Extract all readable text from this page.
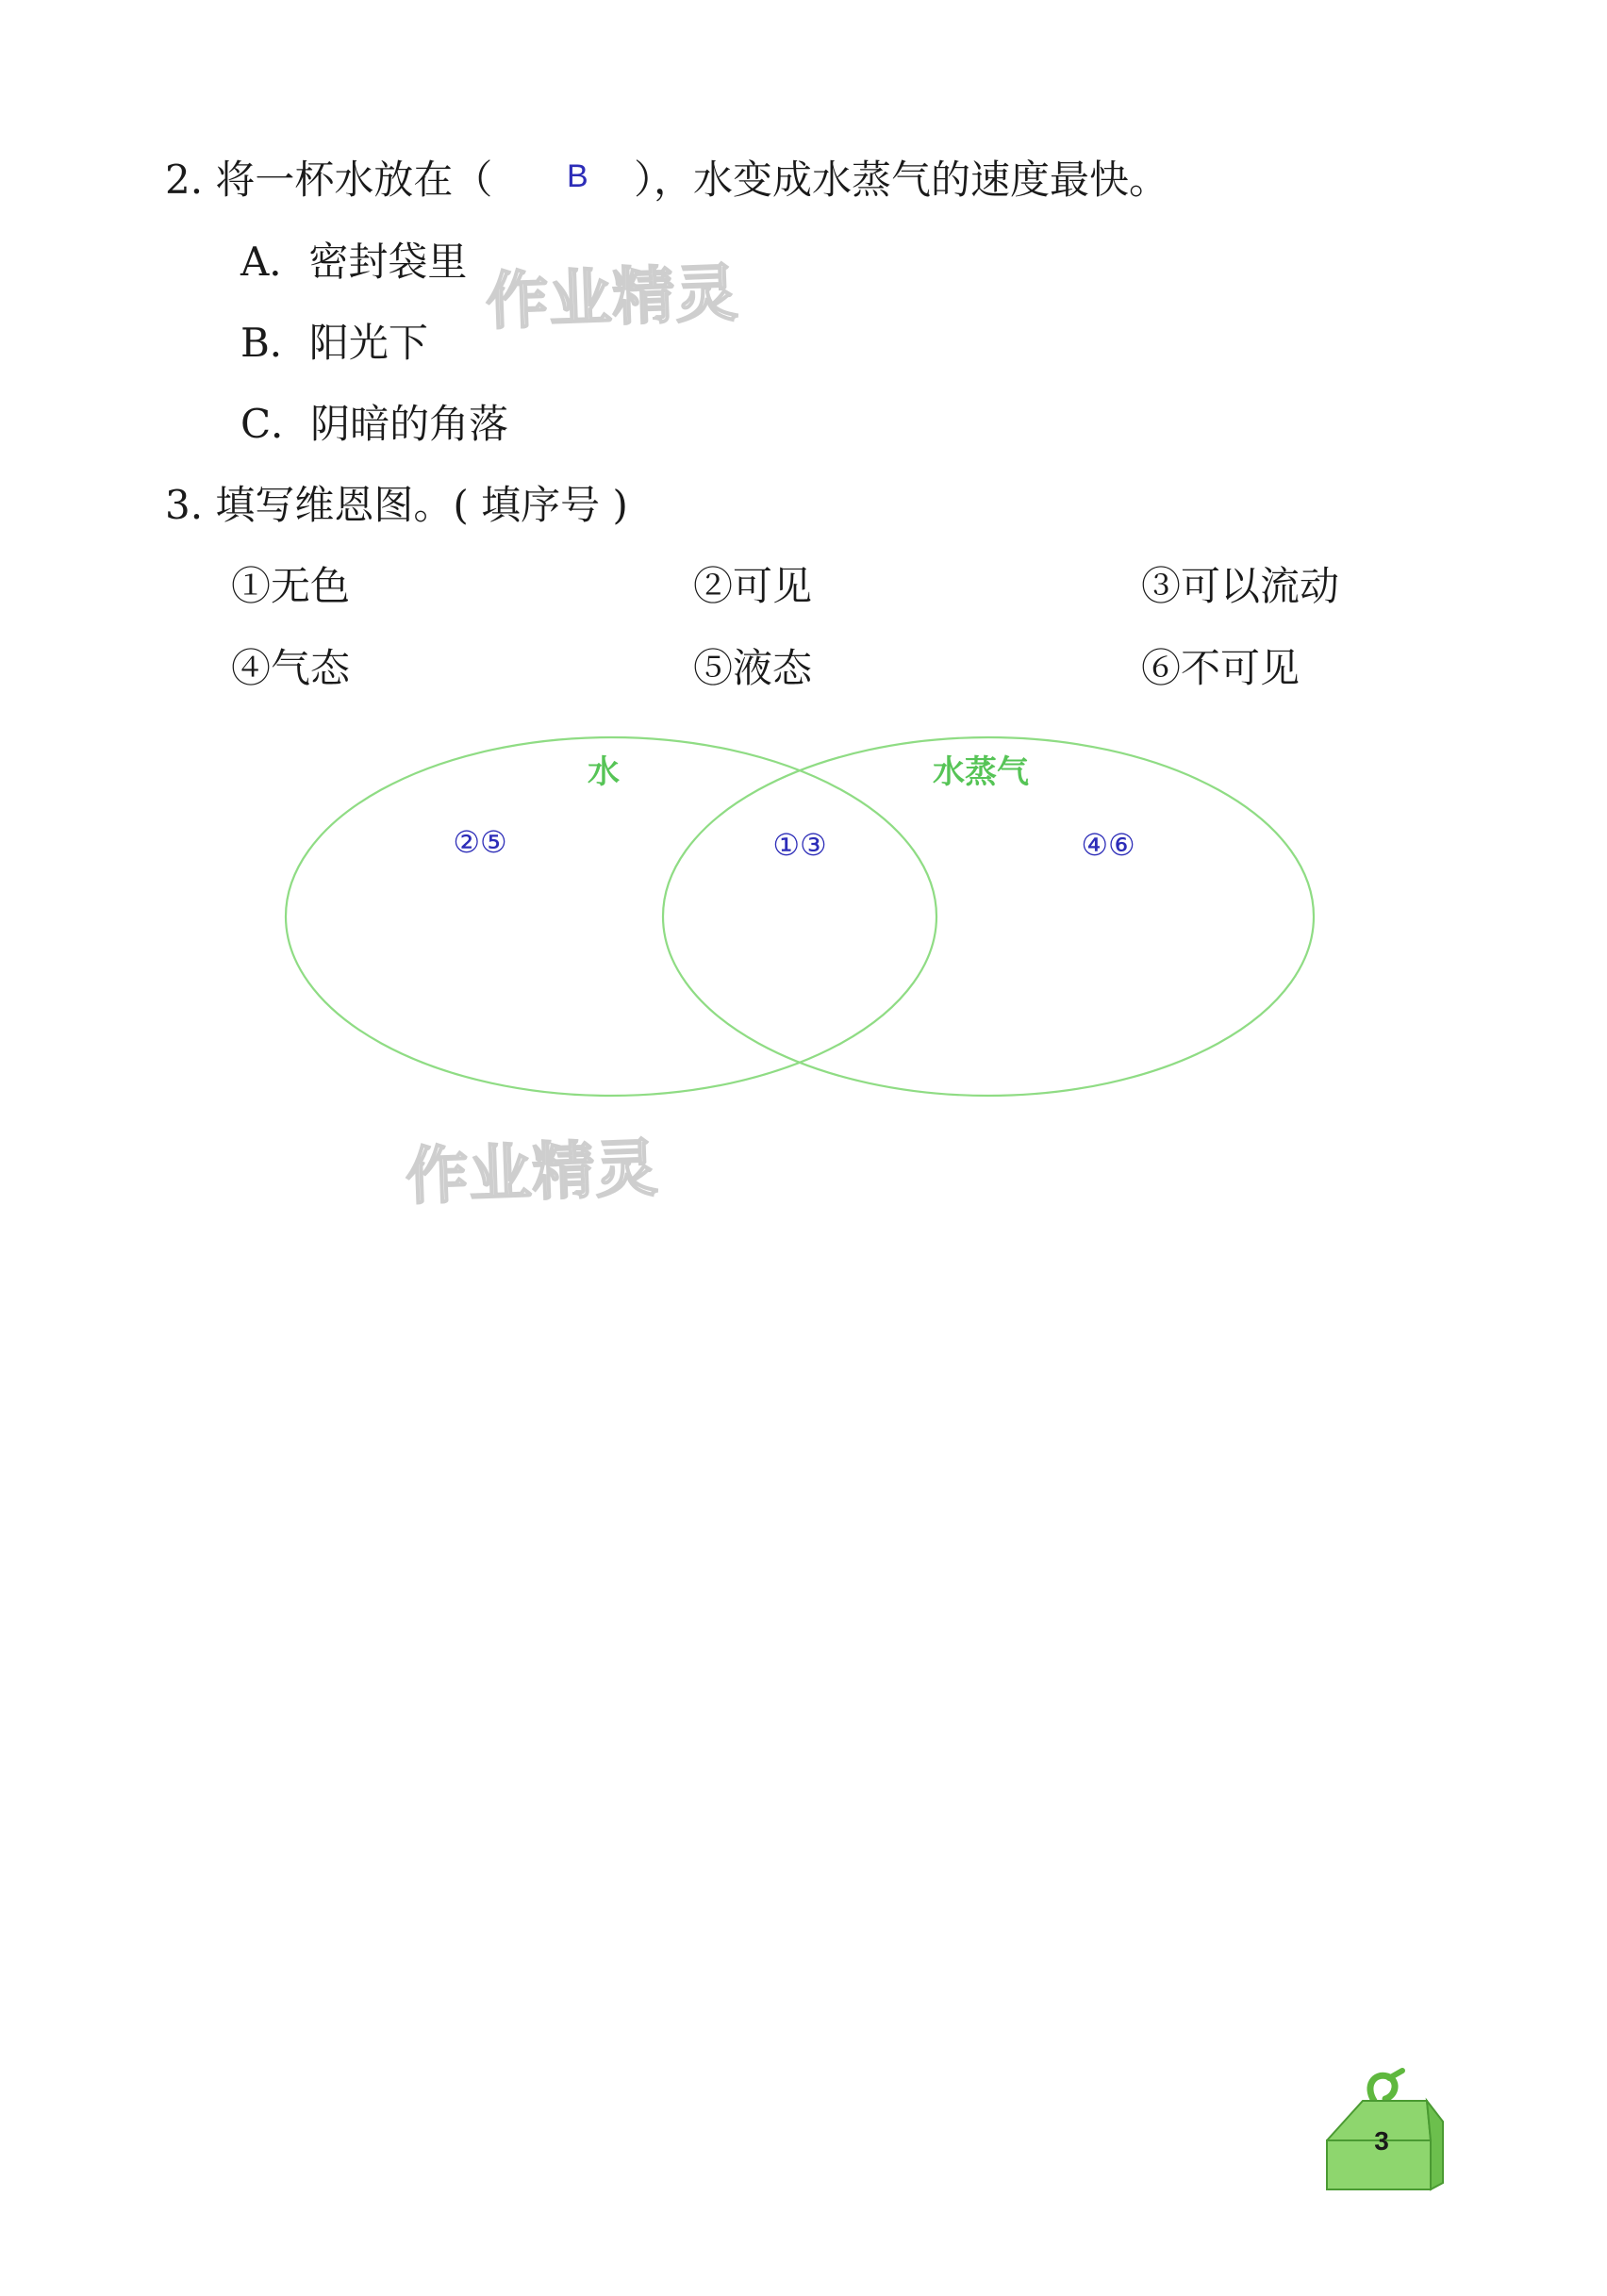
2. 将一杯水放在（ B ），水变成水蒸气的速度最快。
A．密封袋里
B．阳光下
C．阴暗的角落
3. 填写维恩图。( 填序号 )
①无色	②可见	③可以流动
④气态	⑤液态	⑥不可见
水	水蒸气
②⑤	①③	④⑥
作业精灵
作业精灵
3
